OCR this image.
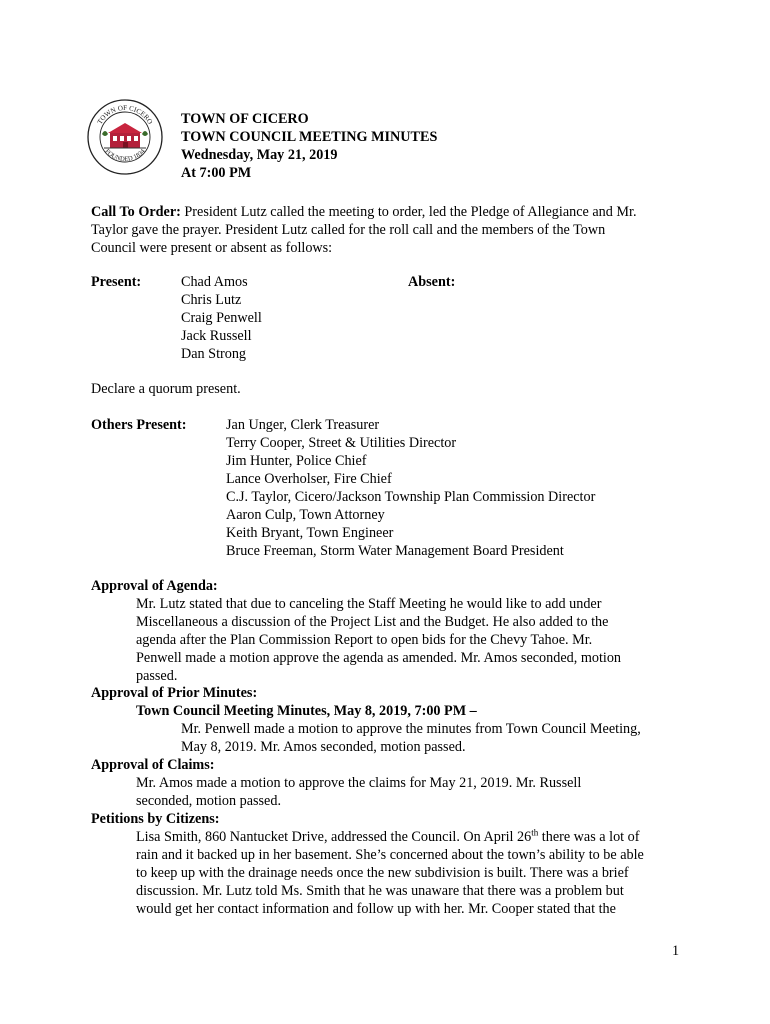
TOWN OF CICERO
FOUNDED 1834
TOWN OF CICERO
TOWN COUNCIL MEETING MINUTES
Wednesday, May 21, 2019
At 7:00 PM
Call To Order: President Lutz called the meeting to order, led the Pledge of Allegiance and Mr.
Taylor gave the prayer. President Lutz called for the roll call and the members of the Town
Council were present or absent as follows:
Present:	Chad Amos
Chris Lutz
Craig Penwell
Jack Russell
Dan Strong
Absent:
Declare a quorum present.
Others Present:	Jan Unger, Clerk Treasurer
Terry Cooper, Street & Utilities Director
Jim Hunter, Police Chief
Lance Overholser, Fire Chief
C.J. Taylor, Cicero/Jackson Township Plan Commission Director
Aaron Culp, Town Attorney
Keith Bryant, Town Engineer
Bruce Freeman, Storm Water Management Board President
Approval of Agenda:
Mr. Lutz stated that due to canceling the Staff Meeting he would like to add under
Miscellaneous a discussion of the Project List and the Budget. He also added to the
agenda after the Plan Commission Report to open bids for the Chevy Tahoe. Mr.
Penwell made a motion approve the agenda as amended. Mr. Amos seconded, motion
passed.
Approval of Prior Minutes:
Town Council Meeting Minutes, May 8, 2019, 7:00 PM –
Mr. Penwell made a motion to approve the minutes from Town Council Meeting,
May 8, 2019. Mr. Amos seconded, motion passed.
Approval of Claims:
Mr. Amos made a motion to approve the claims for May 21, 2019. Mr. Russell
seconded, motion passed.
Petitions by Citizens:
Lisa Smith, 860 Nantucket Drive, addressed the Council. On April 26th there was a lot of
rain and it backed up in her basement. She’s concerned about the town’s ability to be able
to keep up with the drainage needs once the new subdivision is built. There was a brief
discussion. Mr. Lutz told Ms. Smith that he was unaware that there was a problem but
would get her contact information and follow up with her. Mr. Cooper stated that the
1
